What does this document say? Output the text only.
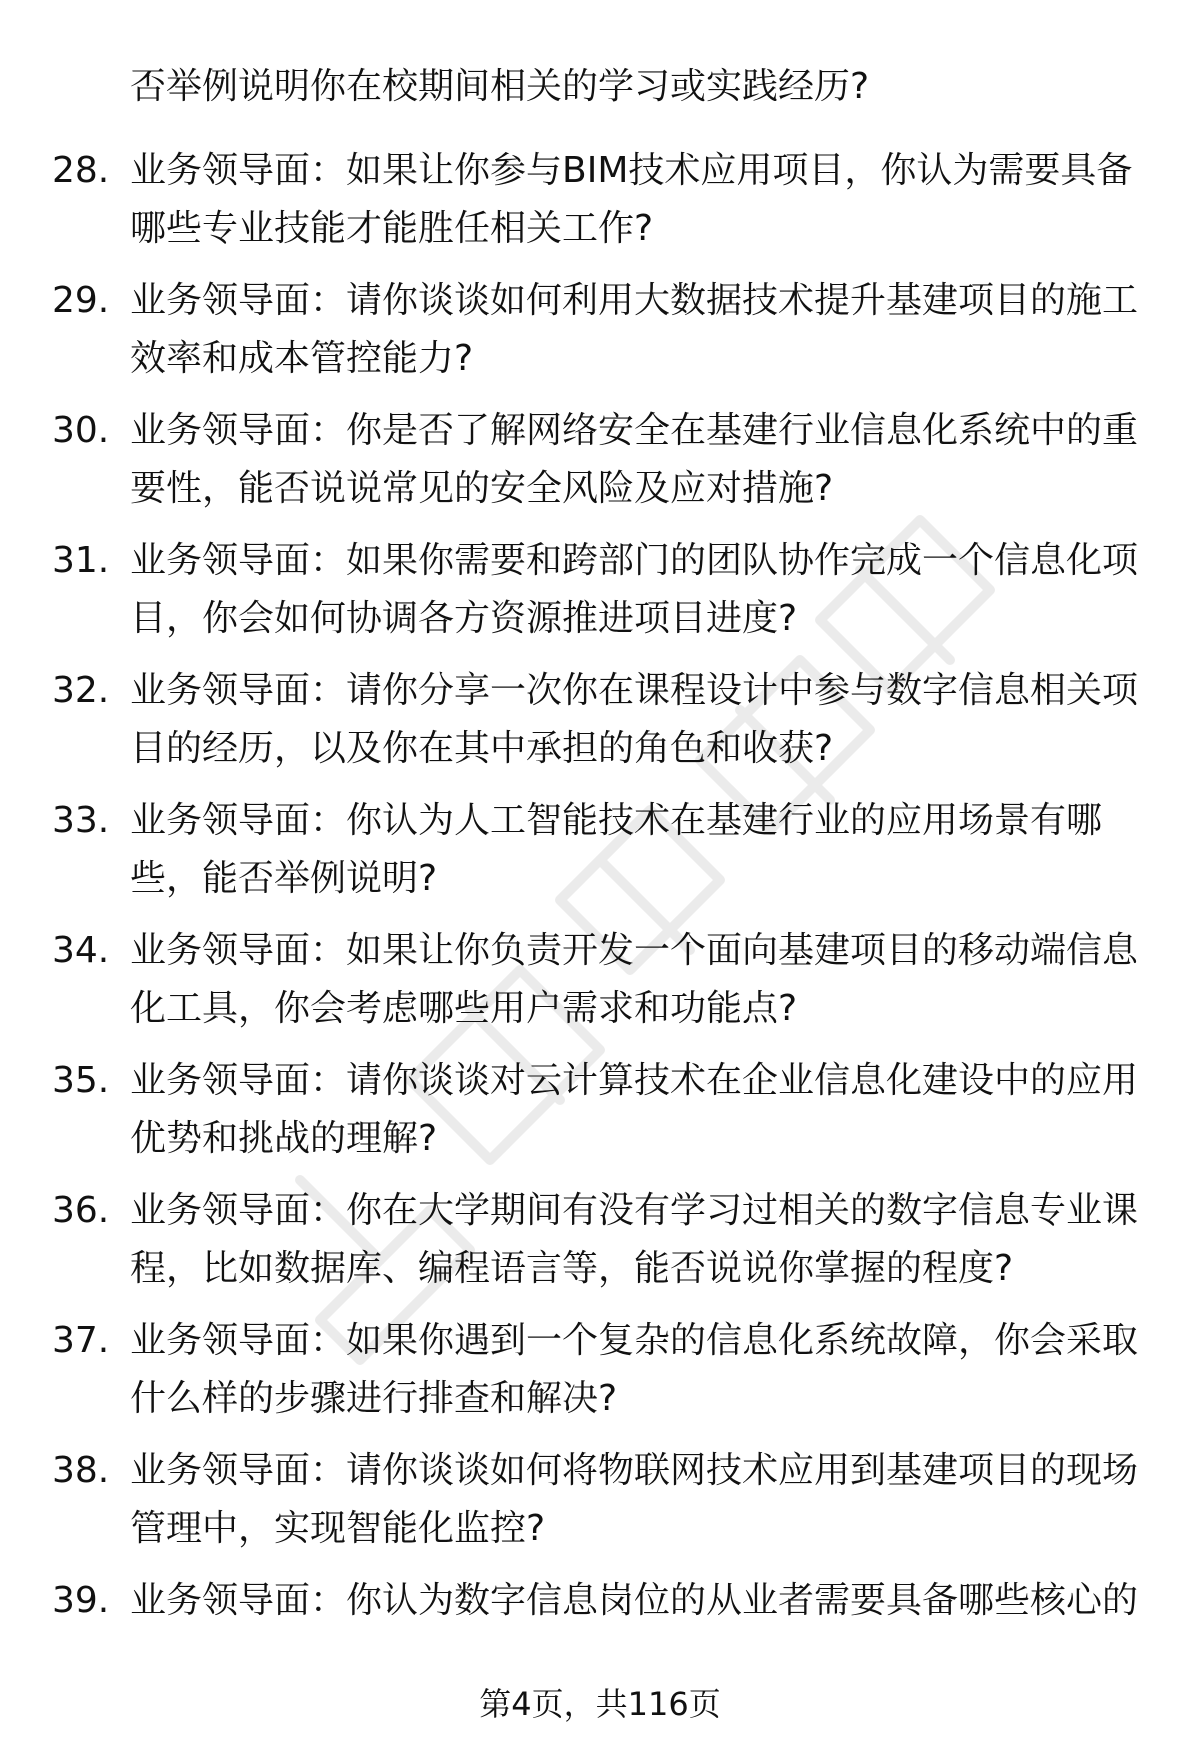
否举例说明你在校期间相关的学习或实践经历?
28. 业务领导面：如果让你参与BIM技术应用项目，你认为需要具备哪些专业技能才能胜任相关工作?
29. 业务领导面：请你谈谈如何利用大数据技术提升基建项目的施工效率和成本管控能力?
30. 业务领导面：你是否了解网络安全在基建行业信息化系统中的重要性，能否说说常见的安全风险及应对措施?
31. 业务领导面：如果你需要和跨部门的团队协作完成一个信息化项目，你会如何协调各方资源推进项目进度?
32. 业务领导面：请你分享一次你在课程设计中参与数字信息相关项目的经历，以及你在其中承担的角色和收获?
33. 业务领导面：你认为人工智能技术在基建行业的应用场景有哪些，能否举例说明?
34. 业务领导面：如果让你负责开发一个面向基建项目的移动端信息化工具，你会考虑哪些用户需求和功能点?
35. 业务领导面：请你谈谈对云计算技术在企业信息化建设中的应用优势和挑战的理解?
36. 业务领导面：你在大学期间有没有学习过相关的数字信息专业课程，比如数据库、编程语言等，能否说说你掌握的程度?
37. 业务领导面：如果你遇到一个复杂的信息化系统故障，你会采取什么样的步骤进行排查和解决?
38. 业务领导面：请你谈谈如何将物联网技术应用到基建项目的现场管理中，实现智能化监控?
39. 业务领导面：你认为数字信息岗位的从业者需要具备哪些核心的
第4页，共116页
